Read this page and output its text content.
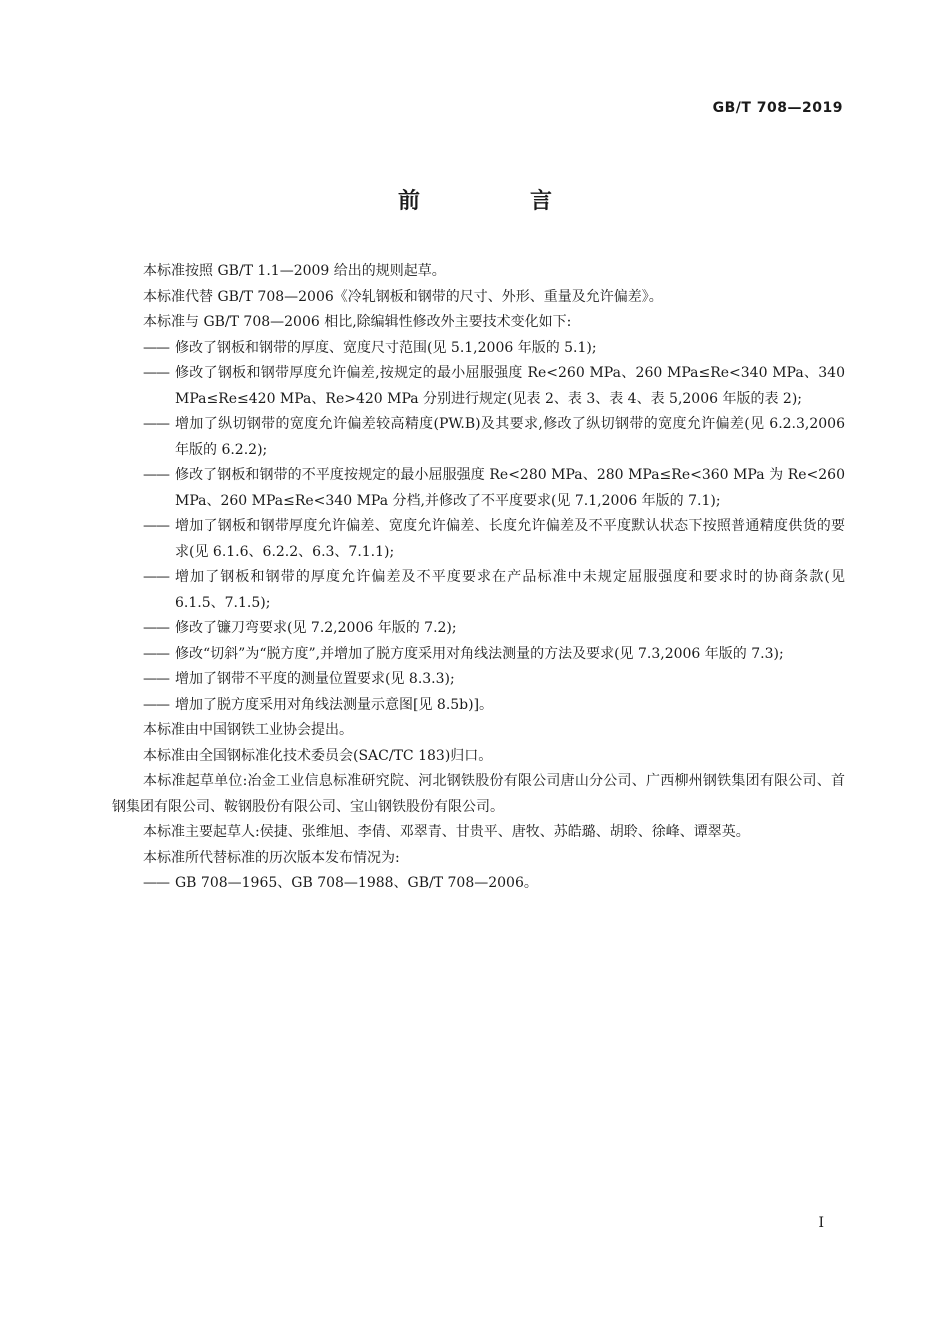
GB/T 708—2019
前　言

本标准按照 GB/T 1.1—2009 给出的规则起草。

本标准代替 GB/T 708—2006《冷轧钢板和钢带的尺寸、外形、重量及允许偏差》。

本标准与 GB/T 708—2006 相比,除编辑性修改外主要技术变化如下:

—— 修改了钢板和钢带的厚度、宽度尺寸范围(见 5.1,2006 年版的 5.1);
—— 修改了钢板和钢带厚度允许偏差,按规定的最小屈服强度 Re<260 MPa、260 MPa≤Re<340 MPa、340 MPa≤Re≤420 MPa、Re>420 MPa 分别进行规定(见表 2、表 3、表 4、表 5,2006 年版的表 2);
—— 增加了纵切钢带的宽度允许偏差较高精度(PW.B)及其要求,修改了纵切钢带的宽度允许偏差(见 6.2.3,2006 年版的 6.2.2);
—— 修改了钢板和钢带的不平度按规定的最小屈服强度 Re<280 MPa、280 MPa≤Re<360 MPa 为 Re<260 MPa、260 MPa≤Re<340 MPa 分档,并修改了不平度要求(见 7.1,2006 年版的 7.1);
—— 增加了钢板和钢带厚度允许偏差、宽度允许偏差、长度允许偏差及不平度默认状态下按照普通精度供货的要求(见 6.1.6、6.2.2、6.3、7.1.1);
—— 增加了钢板和钢带的厚度允许偏差及不平度要求在产品标准中未规定屈服强度和要求时的协商条款(见 6.1.5、7.1.5);
—— 修改了镰刀弯要求(见 7.2,2006 年版的 7.2);
—— 修改“切斜”为“脱方度”,并增加了脱方度采用对角线法测量的方法及要求(见 7.3,2006 年版的 7.3);
—— 增加了钢带不平度的测量位置要求(见 8.3.3);
—— 增加了脱方度采用对角线法测量示意图[见 8.5b)]。

本标准由中国钢铁工业协会提出。

本标准由全国钢标准化技术委员会(SAC/TC 183)归口。

本标准起草单位:冶金工业信息标准研究院、河北钢铁股份有限公司唐山分公司、广西柳州钢铁集团有限公司、首钢集团有限公司、鞍钢股份有限公司、宝山钢铁股份有限公司。

本标准主要起草人:侯捷、张维旭、李倩、邓翠青、甘贵平、唐牧、苏皓璐、胡聆、徐峰、谭翠英。

本标准所代替标准的历次版本发布情况为:

—— GB 708—1965、GB 708—1988、GB/T 708—2006。
I
